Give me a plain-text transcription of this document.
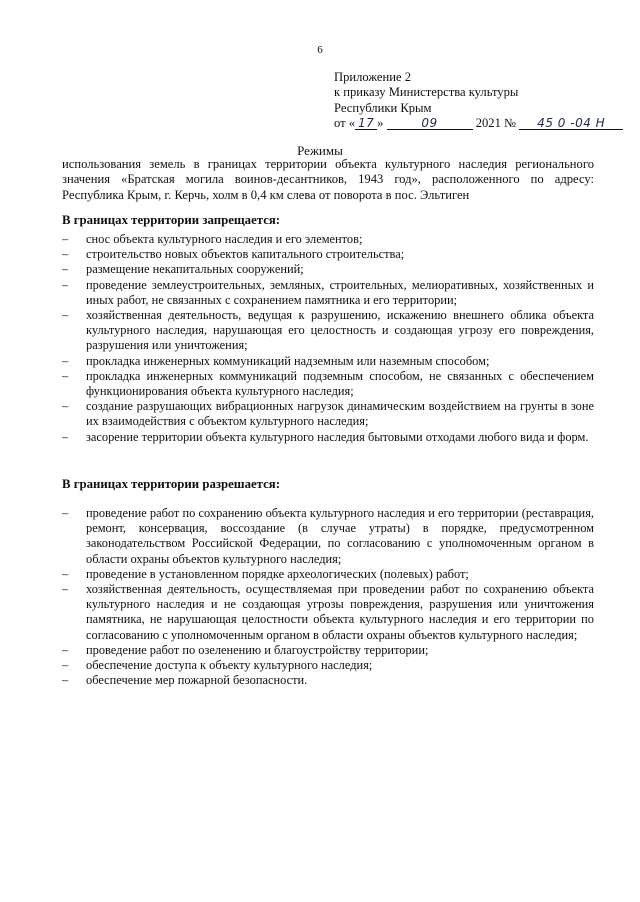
6
Приложение 2
к приказу Министерства культуры
Республики Крым
от « 17 »	09	2021 № 45 0 -04 Н
Режимы
использования земель в границах территории объекта культурного наследия регионального значения «Братская могила воинов-десантников, 1943 год», расположенного по адресу: Республика Крым, г. Керчь, холм в 0,4 км слева от поворота в пос. Эльтиген
В границах территории запрещается:
– снос объекта культурного наследия и его элементов;
– строительство новых объектов капитального строительства;
– размещение некапитальных сооружений;
– проведение землеустроительных, земляных, строительных, мелиоративных, хозяйственных и иных работ, не связанных с сохранением памятника и его территории;
– хозяйственная деятельность, ведущая к разрушению, искажению внешнего облика объекта культурного наследия, нарушающая его целостность и создающая угрозу его повреждения, разрушения или уничтожения;
– прокладка инженерных коммуникаций надземным или наземным способом;
– прокладка инженерных коммуникаций подземным способом, не связанных с обеспечением функционирования объекта культурного наследия;
– создание разрушающих вибрационных нагрузок динамическим воздействием на грунты в зоне их взаимодействия с объектом культурного наследия;
– засорение территории объекта культурного наследия бытовыми отходами любого вида и форм.
В границах территории разрешается:
– проведение работ по сохранению объекта культурного наследия и его территории (реставрация, ремонт, консервация, воссоздание (в случае утраты) в порядке, предусмотренном законодательством Российской Федерации, по согласованию с уполномоченным органом в области охраны объектов культурного наследия;
– проведение в установленном порядке археологических (полевых) работ;
– хозяйственная деятельность, осуществляемая при проведении работ по сохранению объекта культурного наследия и не создающая угрозы повреждения, разрушения или уничтожения памятника, не нарушающая целостности объекта культурного наследия и его территории по согласованию с уполномоченным органом в области охраны объектов культурного наследия;
– проведение работ по озеленению и благоустройству территории;
– обеспечение доступа к объекту культурного наследия;
– обеспечение мер пожарной безопасности.
